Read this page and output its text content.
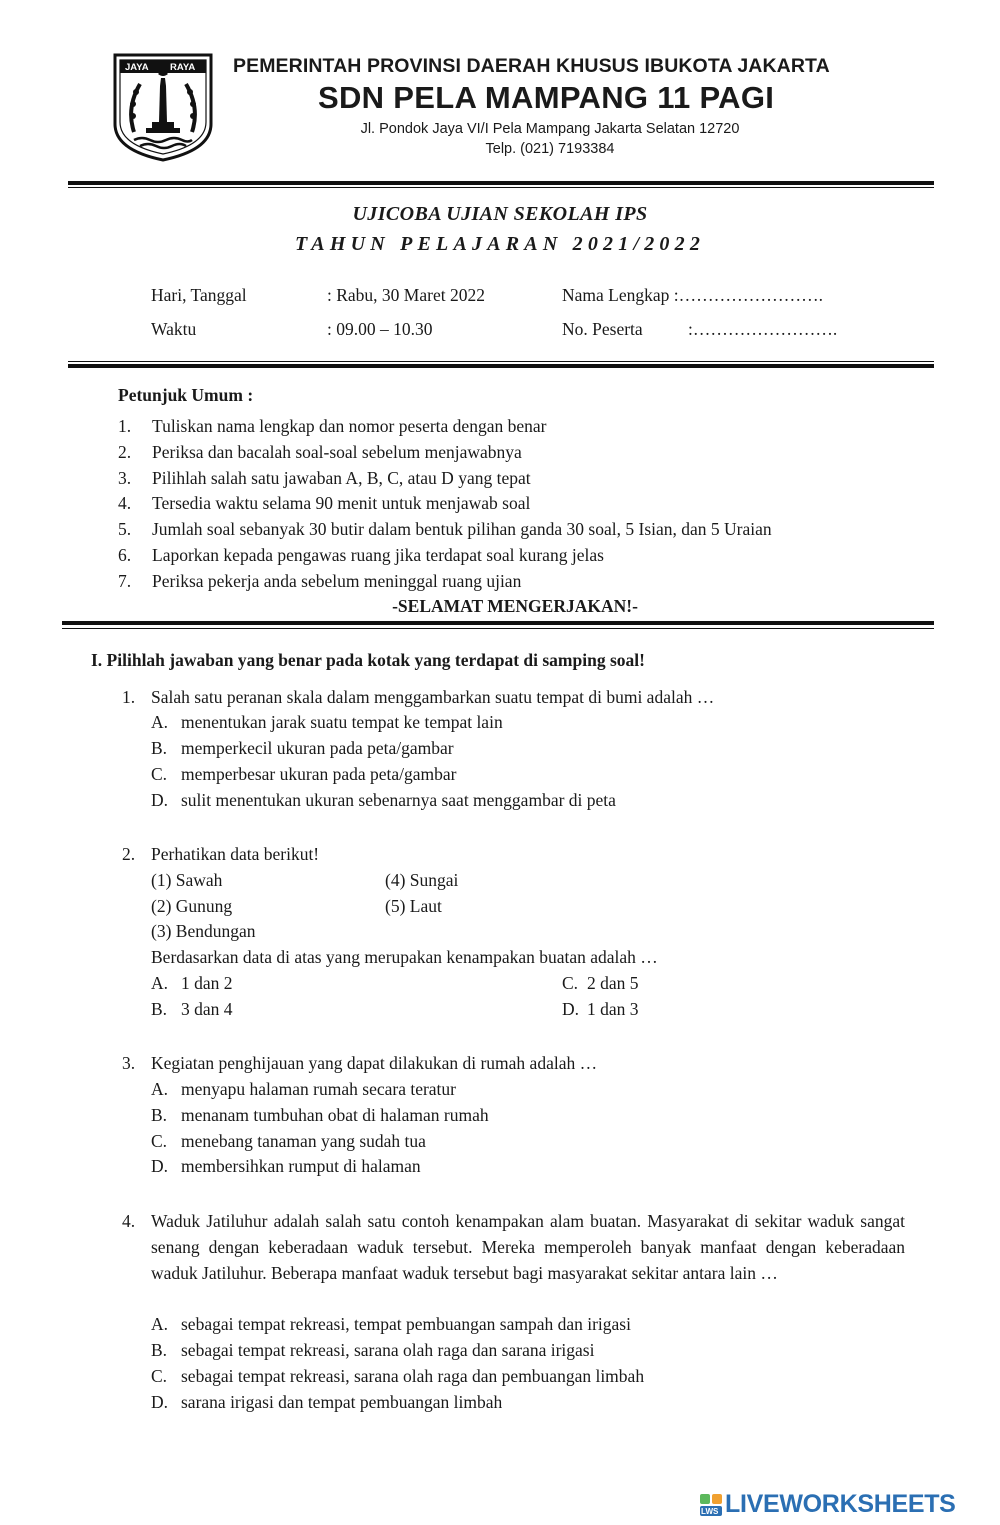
JAYA RAYA PEMERINTAH PROVINSI DAERAH KHUSUS IBUKOTA JAKARTA
SDN PELA MAMPANG 11 PAGI
Jl. Pondok Jaya VI/I Pela Mampang Jakarta Selatan 12720
Telp. (021) 7193384
UJICOBA UJIAN SEKOLAH IPS
TAHUN PELAJARAN 2021/2022
Hari, Tanggal	: Rabu, 30 Maret 2022	Nama Lengkap :…………………….
Waktu	: 09.00 – 10.30	No. Peserta	:…………………….
Petunjuk Umum :
1.	Tuliskan nama lengkap dan nomor peserta dengan benar
2.	Periksa dan bacalah soal-soal sebelum menjawabnya
3.	Pilihlah salah satu jawaban A, B, C, atau D yang tepat
4.	Tersedia waktu selama 90 menit untuk menjawab soal
5.	Jumlah soal sebanyak 30 butir dalam bentuk pilihan ganda 30 soal, 5 Isian, dan 5 Uraian
6.	Laporkan kepada pengawas ruang jika terdapat soal kurang jelas
7.	Periksa pekerja anda sebelum meninggal ruang ujian
-SELAMAT MENGERJAKAN!-
I. Pilihlah jawaban yang benar pada kotak yang terdapat di samping soal!
1. Salah satu peranan skala dalam menggambarkan suatu tempat di bumi adalah …
A. menentukan jarak suatu tempat ke tempat lain
B. memperkecil ukuran pada peta/gambar
C. memperbesar ukuran pada peta/gambar
D. sulit menentukan ukuran sebenarnya saat menggambar di peta
2. Perhatikan data berikut!
(1) Sawah	(4) Sungai
(2) Gunung	(5) Laut
(3) Bendungan
Berdasarkan data di atas yang merupakan kenampakan buatan adalah …
A. 1 dan 2	C. 2 dan 5
B. 3 dan 4	D. 1 dan 3
3. Kegiatan penghijauan yang dapat dilakukan di rumah adalah …
A. menyapu halaman rumah secara teratur
B. menanam tumbuhan obat di halaman rumah
C. menebang tanaman yang sudah tua
D. membersihkan rumput di halaman
4. Waduk Jatiluhur adalah salah satu contoh kenampakan alam buatan. Masyarakat di sekitar waduk sangat senang dengan keberadaan waduk tersebut. Mereka memperoleh banyak manfaat dengan keberadaan waduk Jatiluhur. Beberapa manfaat waduk tersebut bagi masyarakat sekitar antara lain …
A. sebagai tempat rekreasi, tempat pembuangan sampah dan irigasi
B. sebagai tempat rekreasi, sarana olah raga dan sarana irigasi
C. sebagai tempat rekreasi, sarana olah raga dan pembuangan limbah
D. sarana irigasi dan tempat pembuangan limbah
LWS LIVEWORKSHEETS
